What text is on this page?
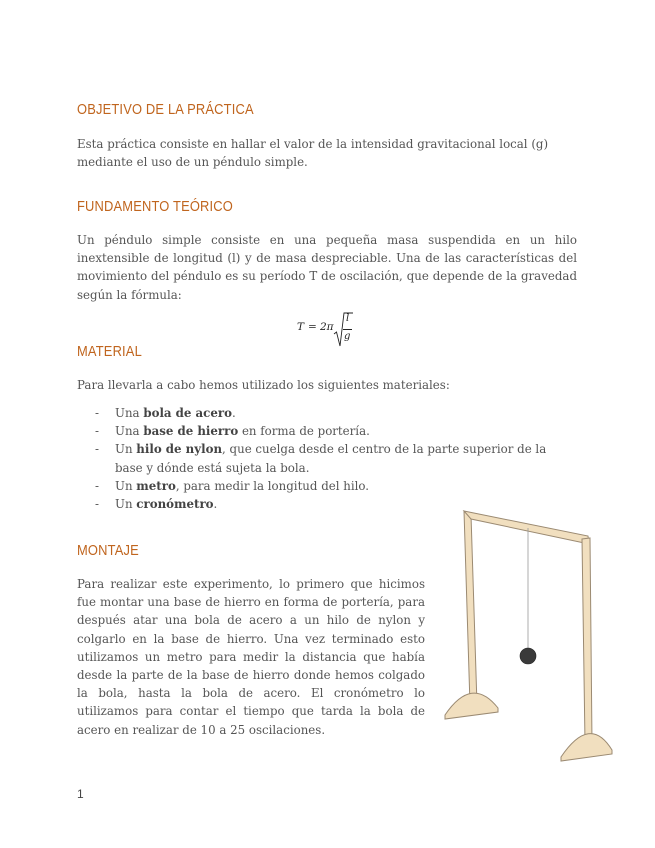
OBJETIVO DE LA PRÁCTICA

Esta práctica consiste en hallar el valor de la intensidad gravitacional local (g) mediante el uso de un péndulo simple.

FUNDAMENTO TEÓRICO

Un péndulo simple consiste en una pequeña masa suspendida en un hilo inextensible de longitud (l) y de masa despreciable. Una de las características del movimiento del péndulo es su período T de oscilación, que depende de la gravedad según la fórmula:

T = 2π
l
g
MATERIAL

Para llevarla a cabo hemos utilizado los siguientes materiales:

- Una bola de acero.
- Una base de hierro en forma de portería.
- Un hilo de nylon, que cuelga desde el centro de la parte superior de la base y dónde está sujeta la bola.
- Un metro, para medir la longitud del hilo.
- Un cronómetro.
MONTAJE

Para realizar este experimento, lo primero que hicimos fue montar una base de hierro en forma de portería, para después atar una bola de acero a un hilo de nylon y colgarlo en la base de hierro. Una vez terminado esto utilizamos un metro para medir la distancia que había desde la parte de la base de hierro donde hemos colgado la bola, hasta la bola de acero. El cronómetro lo utilizamos para contar el tiempo que tarda la bola de acero en realizar de 10 a 25 oscilaciones.

1
